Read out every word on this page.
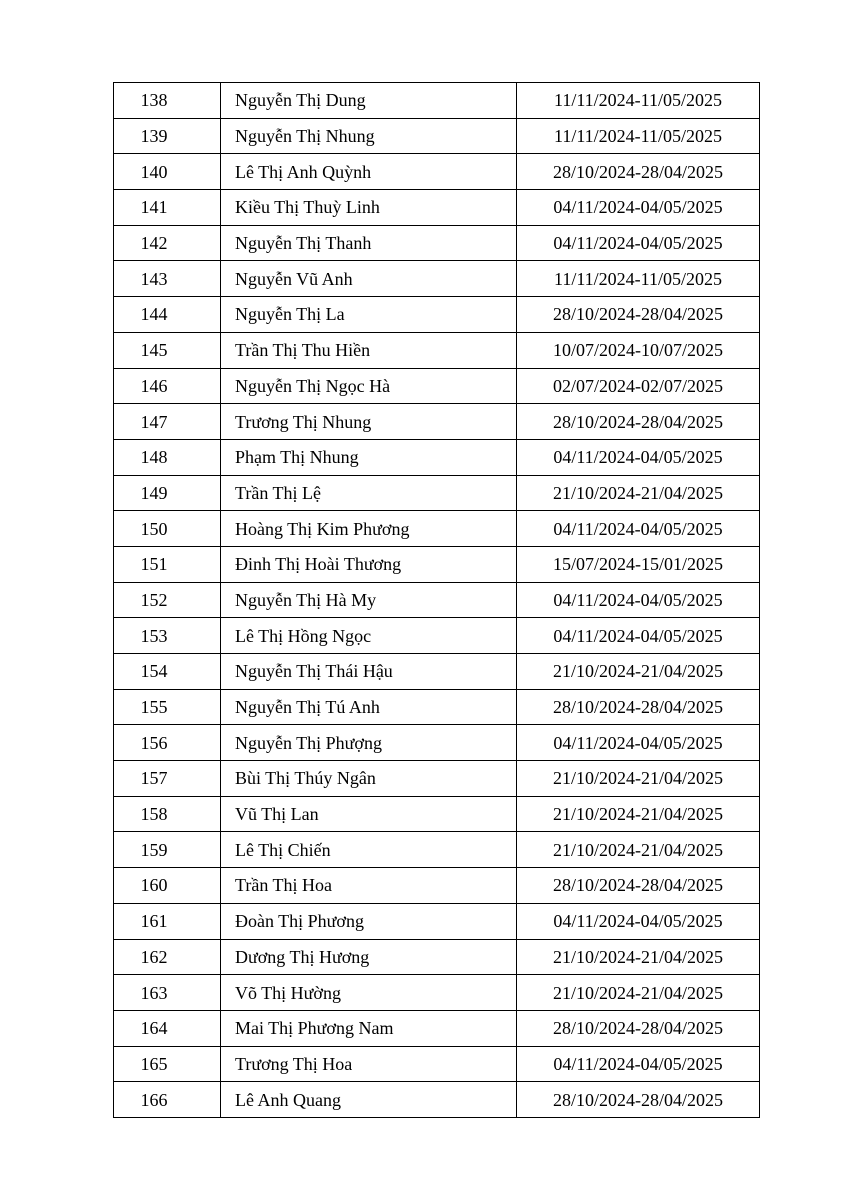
138	Nguyễn Thị Dung	11/11/2024-11/05/2025
139	Nguyễn Thị Nhung	11/11/2024-11/05/2025
140	Lê Thị Anh Quỳnh	28/10/2024-28/04/2025
141	Kiều Thị Thuỳ Linh	04/11/2024-04/05/2025
142	Nguyễn Thị Thanh	04/11/2024-04/05/2025
143	Nguyễn Vũ Anh	11/11/2024-11/05/2025
144	Nguyễn Thị La	28/10/2024-28/04/2025
145	Trần Thị Thu Hiền	10/07/2024-10/07/2025
146	Nguyễn Thị Ngọc Hà	02/07/2024-02/07/2025
147	Trương Thị Nhung	28/10/2024-28/04/2025
148	Phạm Thị Nhung	04/11/2024-04/05/2025
149	Trần Thị Lệ	21/10/2024-21/04/2025
150	Hoàng Thị Kim Phương	04/11/2024-04/05/2025
151	Đinh Thị Hoài Thương	15/07/2024-15/01/2025
152	Nguyễn Thị Hà My	04/11/2024-04/05/2025
153	Lê Thị Hồng Ngọc	04/11/2024-04/05/2025
154	Nguyễn Thị Thái Hậu	21/10/2024-21/04/2025
155	Nguyễn Thị Tú Anh	28/10/2024-28/04/2025
156	Nguyễn Thị Phượng	04/11/2024-04/05/2025
157	Bùi Thị Thúy Ngân	21/10/2024-21/04/2025
158	Vũ Thị Lan	21/10/2024-21/04/2025
159	Lê Thị Chiến	21/10/2024-21/04/2025
160	Trần Thị Hoa	28/10/2024-28/04/2025
161	Đoàn Thị Phương	04/11/2024-04/05/2025
162	Dương Thị Hương	21/10/2024-21/04/2025
163	Võ Thị Hường	21/10/2024-21/04/2025
164	Mai Thị Phương Nam	28/10/2024-28/04/2025
165	Trương Thị Hoa	04/11/2024-04/05/2025
166	Lê Anh Quang	28/10/2024-28/04/2025
